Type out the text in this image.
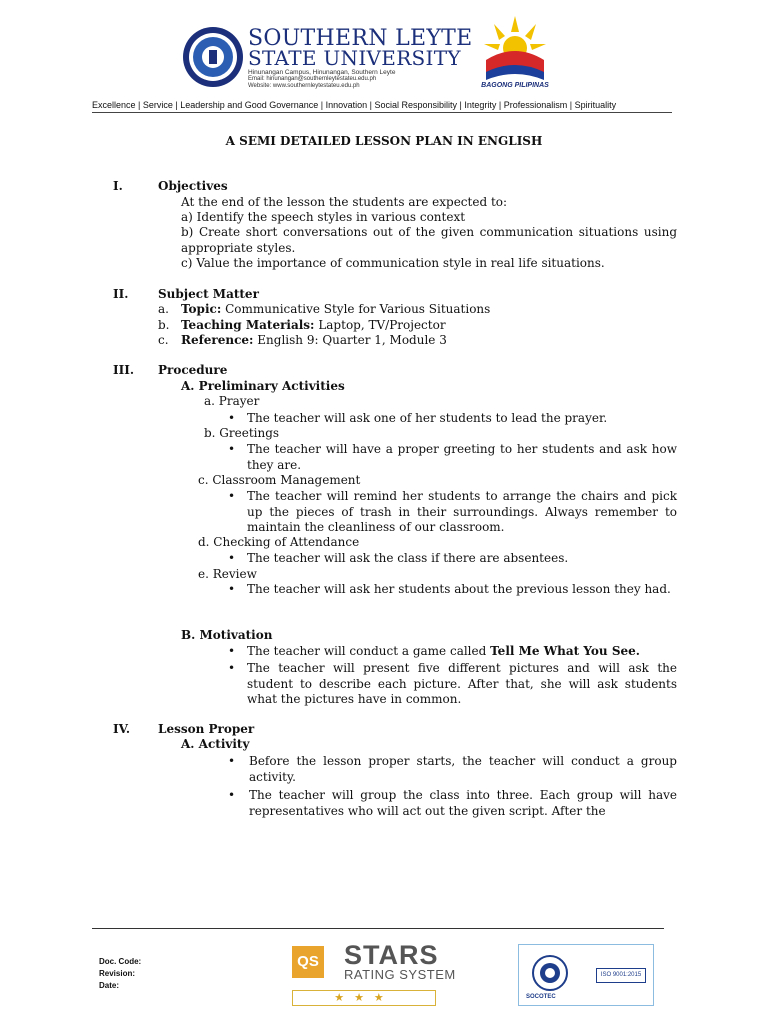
SOUTHERN LEYTE
STATE UNIVERSITY
Hinunangan Campus, Hinunangan, Southern Leyte
Email: hinunangan@southernleytestateu.edu.ph
Website: www.southernleytestateu.edu.ph	BAGONG PILIPINAS
Excellence | Service | Leadership and Good Governance | Innovation | Social Responsibility | Integrity | Professionalism | Spirituality
A SEMI DETAILED LESSON PLAN IN ENGLISH
I.	Objectives
At the end of the lesson the students are expected to:
a) Identify the speech styles in various context
b) Create short conversations out of the given communication situations using appropriate styles.
c) Value the importance of communication style in real life situations.
II. Subject Matter
a. Topic: Communicative Style for Various Situations
b. Teaching Materials: Laptop, TV/Projector
c. Reference: English 9: Quarter 1, Module 3
III. Procedure
A. Preliminary Activities
a. Prayer
• The teacher will ask one of her students to lead the prayer.
b. Greetings
• The teacher will have a proper greeting to her students and ask how they are.
c. Classroom Management
• The teacher will remind her students to arrange the chairs and pick up the pieces of trash in their surroundings. Always remember to maintain the cleanliness of our classroom.
d. Checking of Attendance
• The teacher will ask the class if there are absentees.
e. Review
• The teacher will ask her students about the previous lesson they had.
B. Motivation
• The teacher will conduct a game called Tell Me What You See.
• The teacher will present five different pictures and will ask the student to describe each picture. After that, she will ask students what the pictures have in common.
IV. Lesson Proper
A. Activity
• Before the lesson proper starts, the teacher will conduct a group activity.
• The teacher will group the class into three. Each group will have representatives who will act out the given script. After the
Doc. Code:
Revision:
Date:
QS STARS
RATING SYSTEM
★★★
ISO 9001:2015
SOCOTEC
